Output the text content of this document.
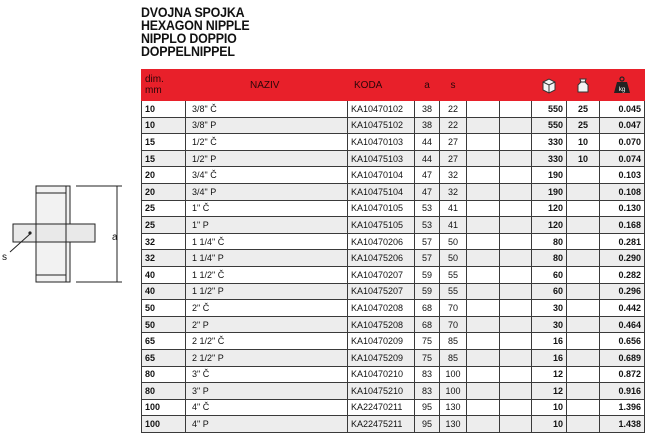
DVOJNA SPOJKA
HEXAGON NIPPLE
NIPPLO DOPPIO
DOPPELNIPPEL
a
s
dim.
mm	NAZIV	KODA	a	s					kg

10	3/8" Č	KA10470102	38	22			550	25	0.045
10	3/8" P	KA10475102	38	22			550	25	0.047
15	1/2" Č	KA10470103	44	27			330	10	0.070
15	1/2" P	KA10475103	44	27			330	10	0.074
20	3/4" Č	KA10470104	47	32			190		0.103
20	3/4" P	KA10475104	47	32			190		0.108
25	1" Č	KA10470105	53	41			120		0.130
25	1" P	KA10475105	53	41			120		0.168
32	1 1/4" Č	KA10470206	57	50			80		0.281
32	1 1/4" P	KA10475206	57	50			80		0.290
40	1 1/2" Č	KA10470207	59	55			60		0.282
40	1 1/2" P	KA10475207	59	55			60		0.296
50	2" Č	KA10470208	68	70			30		0.442
50	2" P	KA10475208	68	70			30		0.464
65	2 1/2" Č	KA10470209	75	85			16		0.656
65	2 1/2" P	KA10475209	75	85			16		0.689
80	3" Č	KA10470210	83	100			12		0.872
80	3" P	KA10475210	83	100			12		0.916
100	4" Č	KA22470211	95	130			10		1.396
100	4" P	KA22475211	95	130			10		1.438
